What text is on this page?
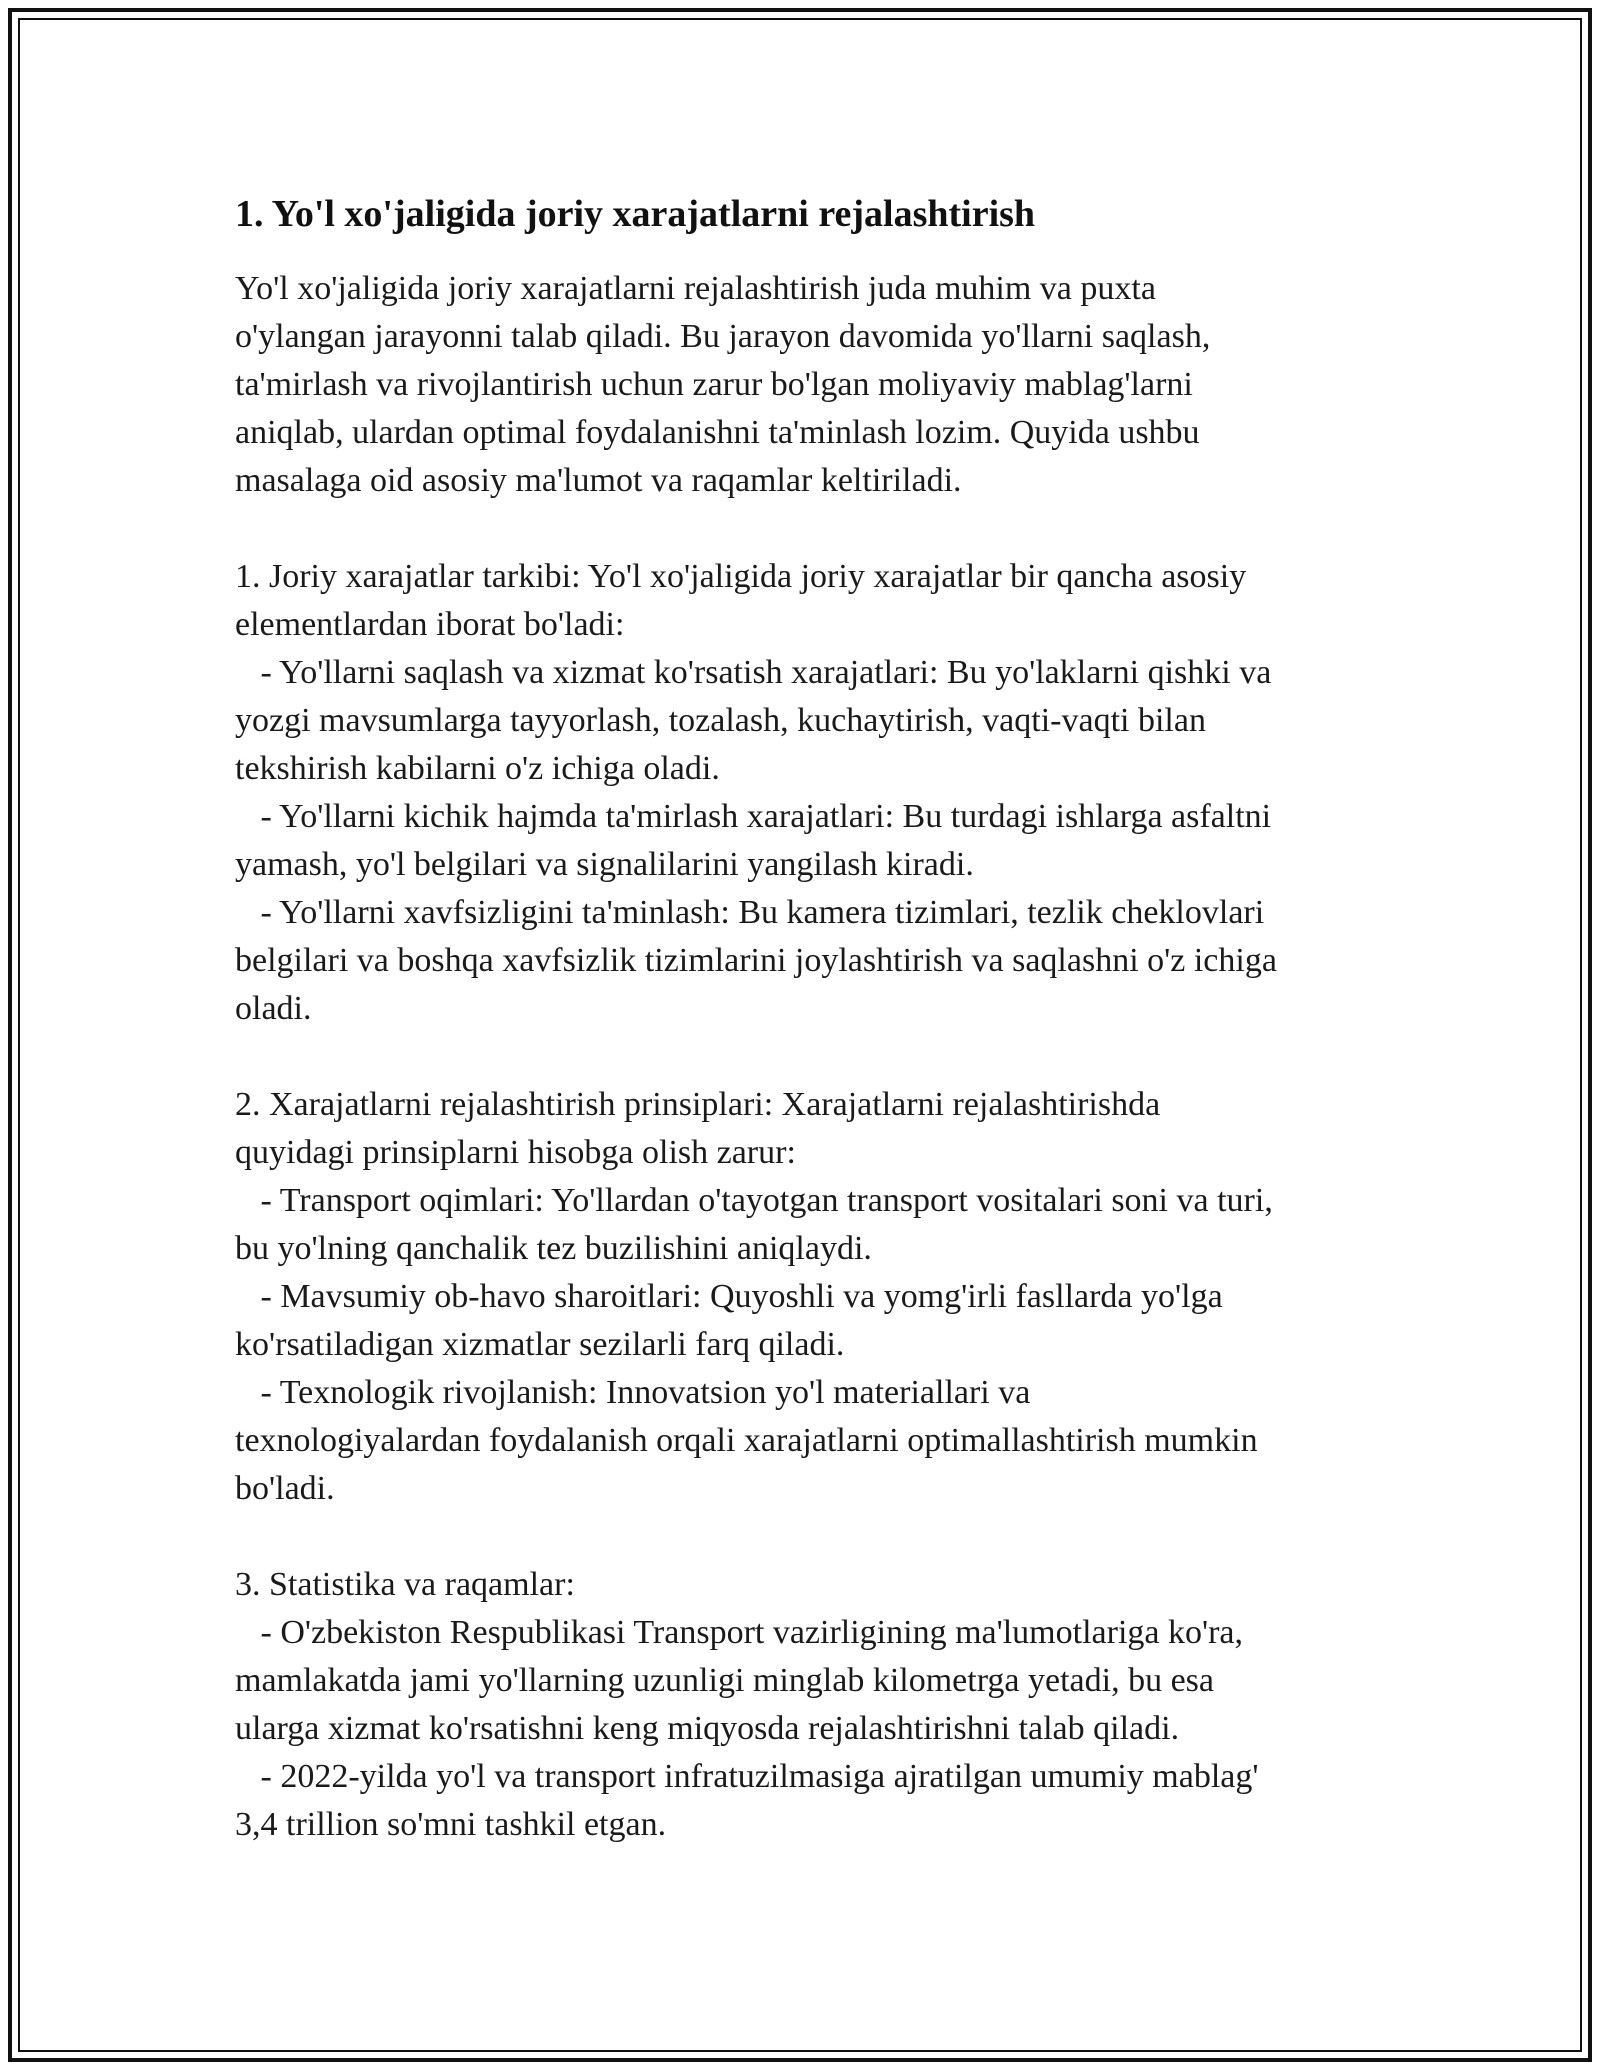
1. Yo'l xo'jaligida joriy xarajatlarni rejalashtirish

Yo'l xo'jaligida joriy xarajatlarni rejalashtirish juda muhim va puxta

o'ylangan jarayonni talab qiladi. Bu jarayon davomida yo'llarni saqlash,

ta'mirlash va rivojlantirish uchun zarur bo'lgan moliyaviy mablag'larni

aniqlab, ulardan optimal foydalanishni ta'minlash lozim. Quyida ushbu

masalaga oid asosiy ma'lumot va raqamlar keltiriladi.

1. Joriy xarajatlar tarkibi: Yo'l xo'jaligida joriy xarajatlar bir qancha asosiy

elementlardan iborat bo'ladi:

- Yo'llarni saqlash va xizmat ko'rsatish xarajatlari: Bu yo'laklarni qishki va

yozgi mavsumlarga tayyorlash, tozalash, kuchaytirish, vaqti-vaqti bilan

tekshirish kabilarni o'z ichiga oladi.

- Yo'llarni kichik hajmda ta'mirlash xarajatlari: Bu turdagi ishlarga asfaltni

yamash, yo'l belgilari va signalilarini yangilash kiradi.

- Yo'llarni xavfsizligini ta'minlash: Bu kamera tizimlari, tezlik cheklovlari

belgilari va boshqa xavfsizlik tizimlarini joylashtirish va saqlashni o'z ichiga

oladi.

2. Xarajatlarni rejalashtirish prinsiplari: Xarajatlarni rejalashtirishda

quyidagi prinsiplarni hisobga olish zarur:

- Transport oqimlari: Yo'llardan o'tayotgan transport vositalari soni va turi,

bu yo'lning qanchalik tez buzilishini aniqlaydi.

- Mavsumiy ob-havo sharoitlari: Quyoshli va yomg'irli fasllarda yo'lga

ko'rsatiladigan xizmatlar sezilarli farq qiladi.

- Texnologik rivojlanish: Innovatsion yo'l materiallari va

texnologiyalardan foydalanish orqali xarajatlarni optimallashtirish mumkin

bo'ladi.

3. Statistika va raqamlar:

- O'zbekiston Respublikasi Transport vazirligining ma'lumotlariga ko'ra,

mamlakatda jami yo'llarning uzunligi minglab kilometrga yetadi, bu esa

ularga xizmat ko'rsatishni keng miqyosda rejalashtirishni talab qiladi.

- 2022-yilda yo'l va transport infratuzilmasiga ajratilgan umumiy mablag'

3,4 trillion so'mni tashkil etgan.
